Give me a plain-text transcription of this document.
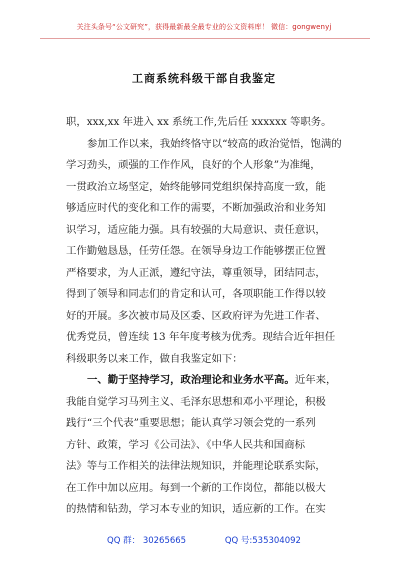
关注头条号“公文研究”，获得最新最全最专业的公文资料库！ 微信：gongwenyj
工商系统科级干部自我鉴定
职，xxx,xx 年进入 xx 系统工作,先后任 xxxxxx 等职务。
参加工作以来，我始终恪守以“较高的政治觉悟，饱满的
学习劲头，顽强的工作作风，良好的个人形象”为准绳，
一贯政治立场坚定，始终能够同党组织保持高度一致，能
够适应时代的变化和工作的需要，不断加强政治和业务知
识学习，适应能力强。具有较强的大局意识、责任意识，
工作勤勉恳恳，任劳任怨。在领导身边工作能够摆正位置
严格要求，为人正派，遵纪守法，尊重领导，团结同志，
得到了领导和同志们的肯定和认可，各项职能工作得以较
好的开展。多次被市局及区委、区政府评为先进工作者、
优秀党员，曾连续 13 年年度考核为优秀。现结合近年担任
科级职务以来工作，做自我鉴定如下：
一、勤于坚持学习，政治理论和业务水平高。近年来，
我能自觉学习马列主义、毛泽东思想和邓小平理论，积极
践行“三个代表”重要思想；能认真学习领会党的一系列
方针、政策，学习《公司法》、《中华人民共和国商标
法》等与工作相关的法律法规知识，并能理论联系实际，
在工作中加以应用。每到一个新的工作岗位，都能以极大
的热情和钻劲，学习本专业的知识，适应新的工作。在实
QQ 群： 30265665	QQ 号:535304092
